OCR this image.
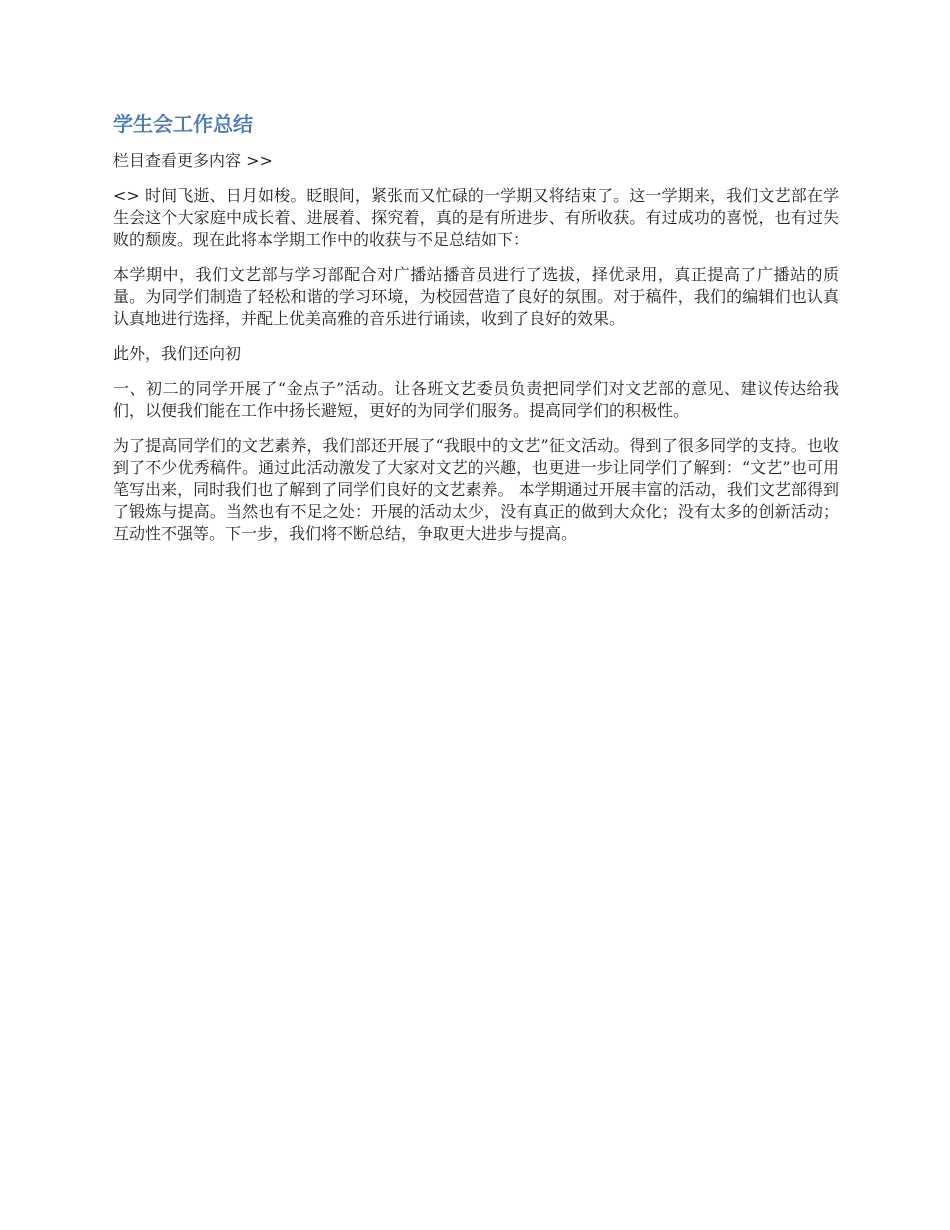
学生会工作总结
栏目查看更多内容 >>

<> 时间飞逝、日月如梭。眨眼间，紧张而又忙碌的一学期又将结束了。这一学期来，我们文艺部在学生会这个大家庭中成长着、进展着、探究着，真的是有所进步、有所收获。有过成功的喜悦，也有过失败的颓废。现在此将本学期工作中的收获与不足总结如下：

本学期中，我们文艺部与学习部配合对广播站播音员进行了选拔，择优录用，真正提高了广播站的质量。为同学们制造了轻松和谐的学习环境，为校园营造了良好的氛围。对于稿件，我们的编辑们也认真认真地进行选择，并配上优美高雅的音乐进行诵读，收到了良好的效果。

此外，我们还向初

一、初二的同学开展了“金点子”活动。让各班文艺委员负责把同学们对文艺部的意见、建议传达给我们，以便我们能在工作中扬长避短，更好的为同学们服务。提高同学们的积极性。

为了提高同学们的文艺素养，我们部还开展了“我眼中的文艺”征文活动。得到了很多同学的支持。也收到了不少优秀稿件。通过此活动激发了大家对文艺的兴趣，也更进一步让同学们了解到：“文艺”也可用笔写出来，同时我们也了解到了同学们良好的文艺素养。 本学期通过开展丰富的活动，我们文艺部得到了锻炼与提高。当然也有不足之处：开展的活动太少，没有真正的做到大众化；没有太多的创新活动；互动性不强等。下一步，我们将不断总结，争取更大进步与提高。
